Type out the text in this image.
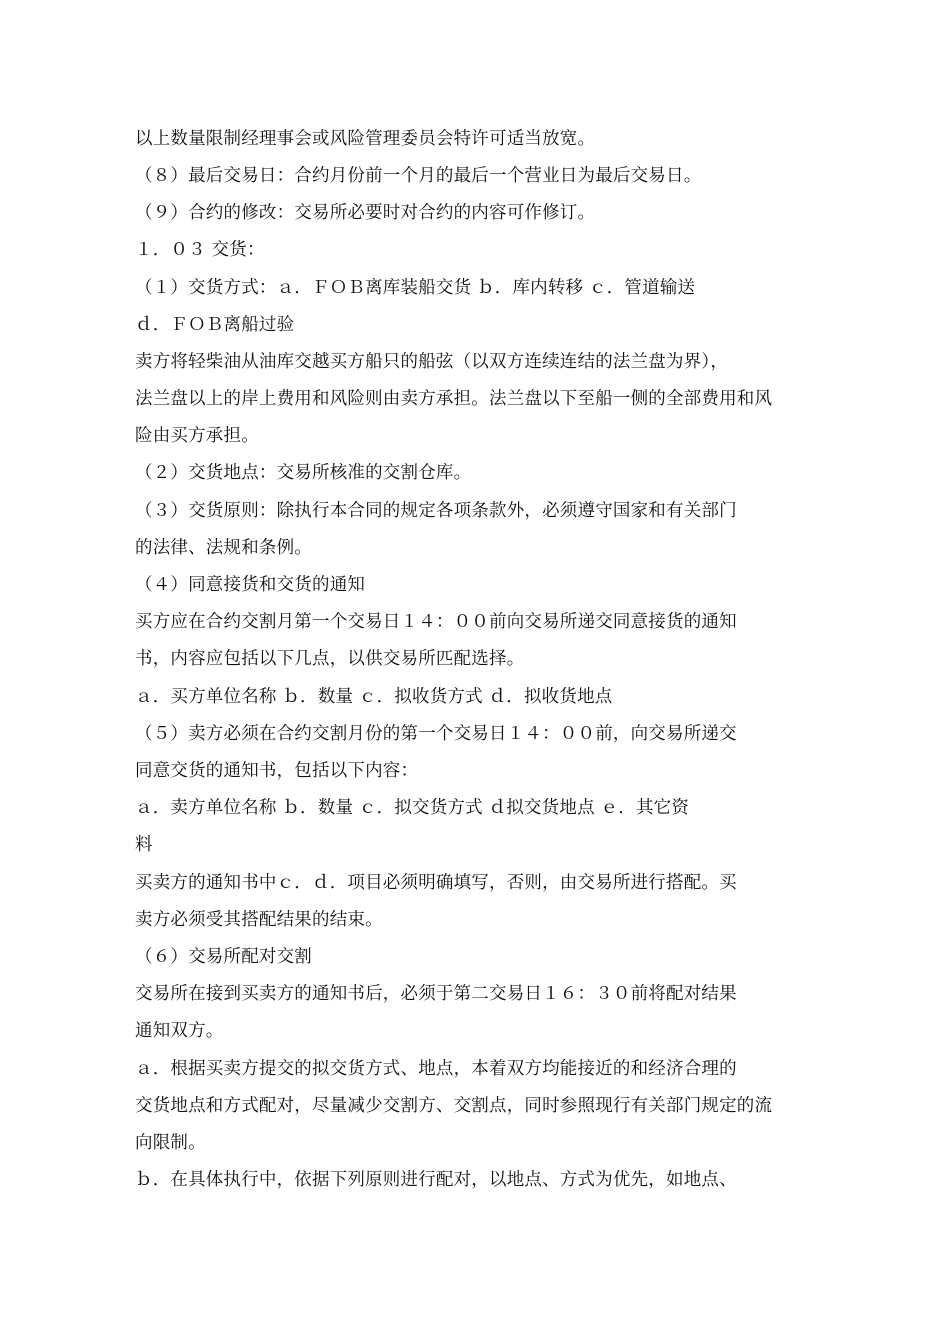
以上数量限制经理事会或风险管理委员会特许可适当放宽。
（８）最后交易日：合约月份前一个月的最后一个营业日为最后交易日。
（９）合约的修改：交易所必要时对合约的内容可作修订。
１．０３ 交货：
（１）交货方式：ａ．ＦＯＢ离库装船交货 ｂ．库内转移 ｃ．管道输送
ｄ．ＦＯＢ离船过验
卖方将轻柴油从油库交越买方船只的船弦（以双方连续连结的法兰盘为界），
法兰盘以上的岸上费用和风险则由卖方承担。法兰盘以下至船一侧的全部费用和风
险由买方承担。
（２）交货地点：交易所核准的交割仓库。
（３）交货原则：除执行本合同的规定各项条款外，必须遵守国家和有关部门
的法律、法规和条例。
（４）同意接货和交货的通知
买方应在合约交割月第一个交易日１４：００前向交易所递交同意接货的通知
书，内容应包括以下几点，以供交易所匹配选择。
ａ．买方单位名称 ｂ．数量 ｃ．拟收货方式 ｄ．拟收货地点
（５）卖方必须在合约交割月份的第一个交易日１４：００前，向交易所递交
同意交货的通知书，包括以下内容：
ａ．卖方单位名称 ｂ．数量 ｃ．拟交货方式 ｄ拟交货地点 ｅ．其它资
料
买卖方的通知书中ｃ．ｄ．项目必须明确填写，否则，由交易所进行搭配。买
卖方必须受其搭配结果的结束。
（６）交易所配对交割
交易所在接到买卖方的通知书后，必须于第二交易日１６：３０前将配对结果
通知双方。
ａ．根据买卖方提交的拟交货方式、地点，本着双方均能接近的和经济合理的
交货地点和方式配对，尽量减少交割方、交割点，同时参照现行有关部门规定的流
向限制。
ｂ．在具体执行中，依据下列原则进行配对，以地点、方式为优先，如地点、
